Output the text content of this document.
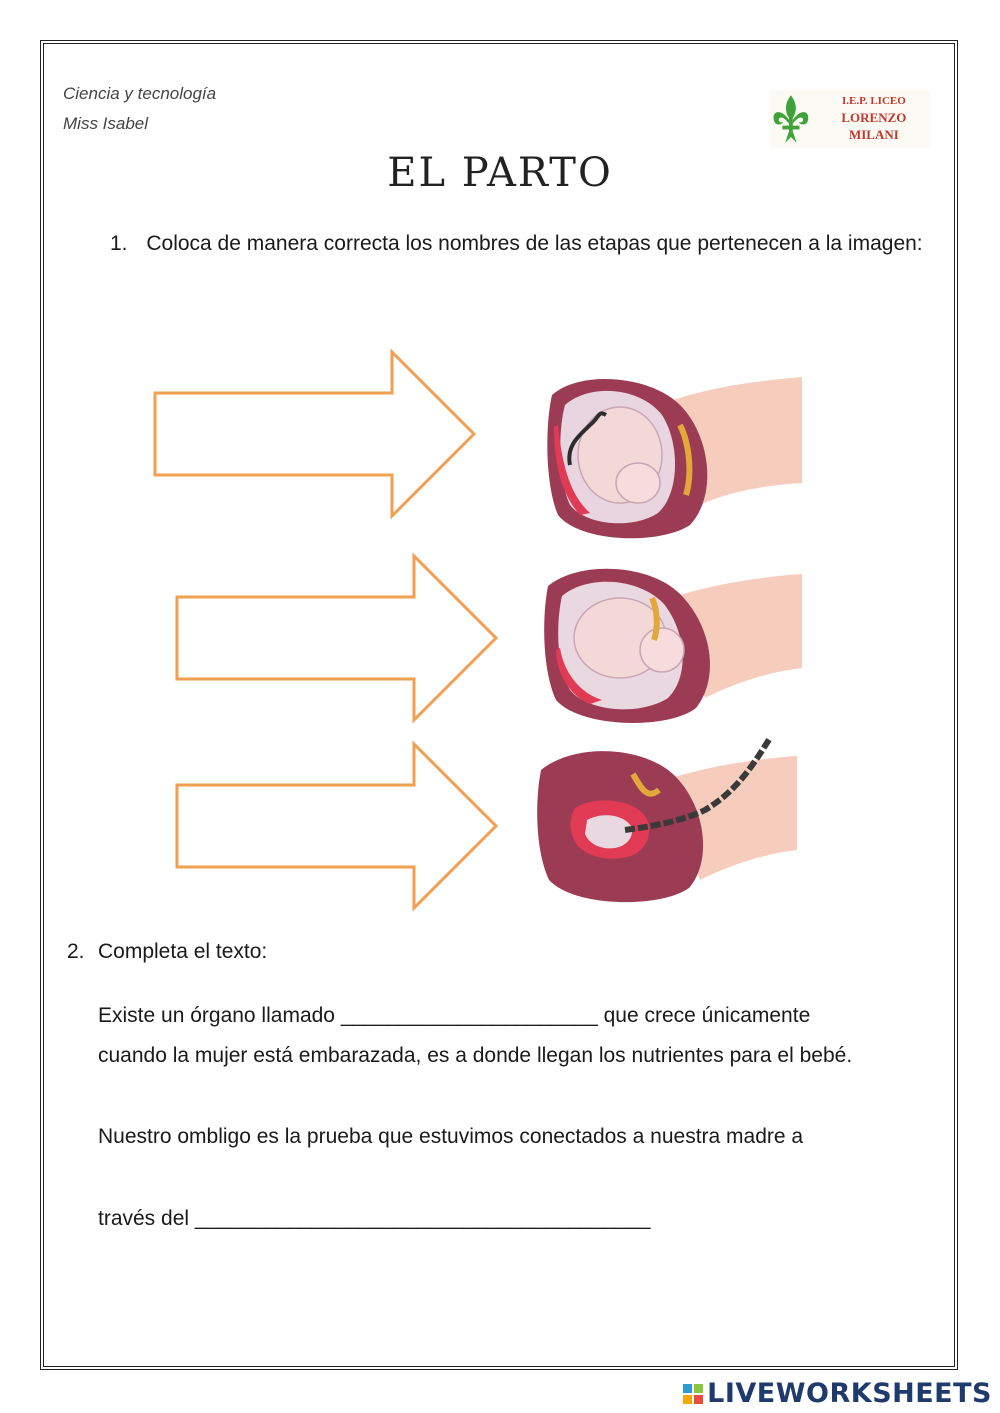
Ciencia y tecnología
Miss Isabel
I.E.P. LICEO
LORENZO MILANI
EL PARTO
1. Coloca de manera correcta los nombres de las etapas que pertenecen a la imagen:
2. Completa el texto:
Existe un órgano llamado ______________________ que crece únicamente
cuando la mujer está embarazada, es a donde llegan los nutrientes para el bebé.
Nuestro ombligo es la prueba que estuvimos conectados a nuestra madre a
través del _______________________________________
LIVEWORKSHEETS
